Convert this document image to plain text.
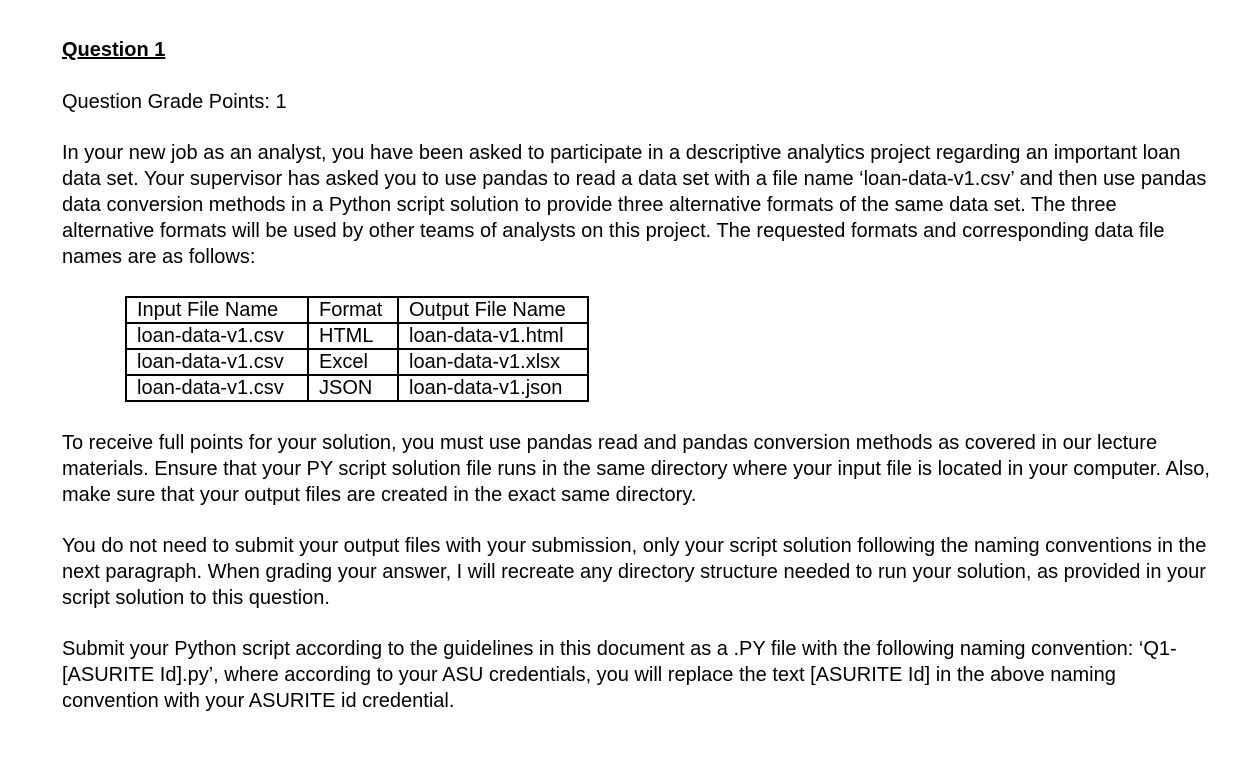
Question 1
Question Grade Points: 1

In your new job as an analyst, you have been asked to participate in a descriptive analytics project regarding an important loan data set. Your supervisor has asked you to use pandas to read a data set with a file name ‘loan-data-v1.csv’ and then use pandas data conversion methods in a Python script solution to provide three alternative formats of the same data set. The three alternative formats will be used by other teams of analysts on this project. The requested formats and corresponding data file names are as follows:

Input File Name	Format	Output File Name
loan-data-v1.csv	HTML	loan-data-v1.html
loan-data-v1.csv	Excel	loan-data-v1.xlsx
loan-data-v1.csv	JSON	loan-data-v1.json

To receive full points for your solution, you must use pandas read and pandas conversion methods as covered in our lecture materials. Ensure that your PY script solution file runs in the same directory where your input file is located in your computer. Also, make sure that your output files are created in the exact same directory.

You do not need to submit your output files with your submission, only your script solution following the naming conventions in the next paragraph. When grading your answer, I will recreate any directory structure needed to run your solution, as provided in your script solution to this question.

Submit your Python script according to the guidelines in this document as a .PY file with the following naming convention: ‘Q1-[ASURITE Id].py’, where according to your ASU credentials, you will replace the text [ASURITE Id] in the above naming convention with your ASURITE id credential.
